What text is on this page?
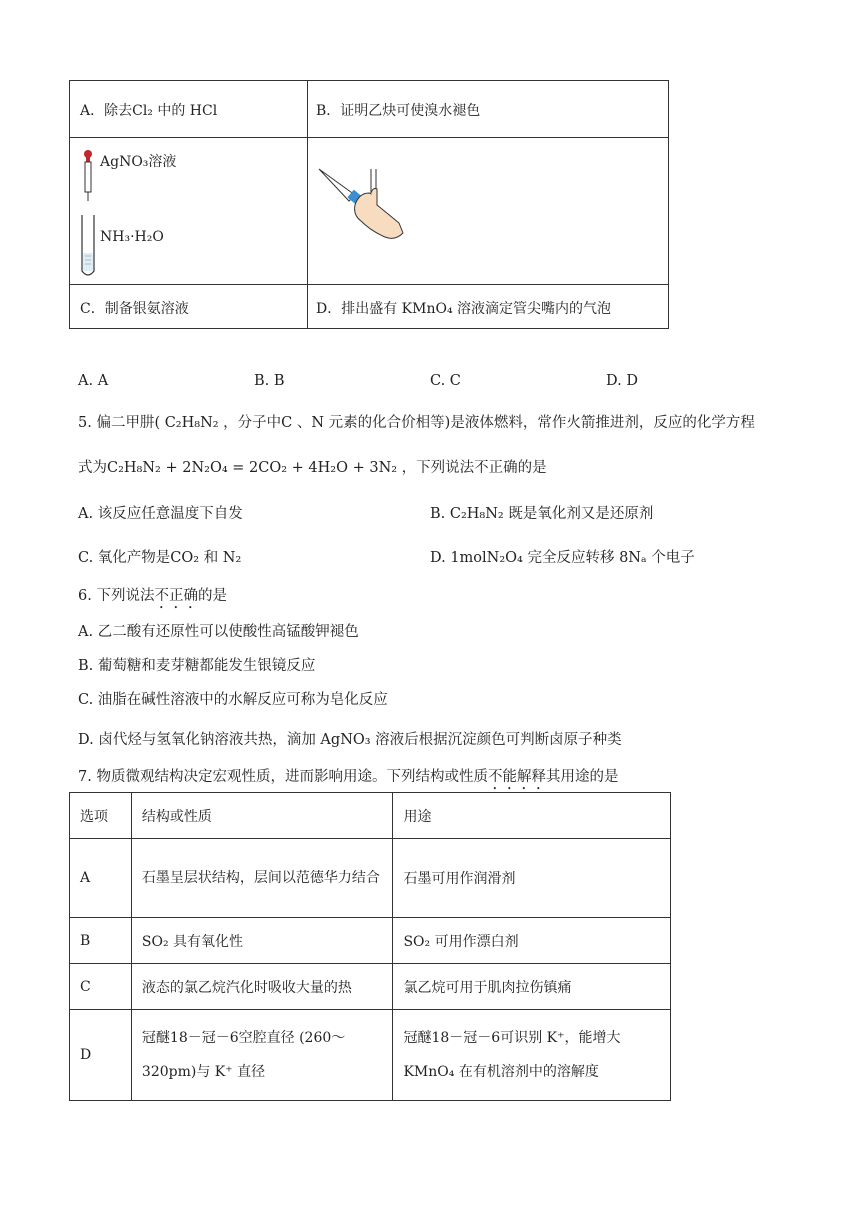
A．除去Cl₂ 中的 HCl	B．证明乙炔可使溴水褪色
AgNO₃溶液
NH₃·H₂O
C．制备银氨溶液	D．排出盛有 KMnO₄ 溶液滴定管尖嘴内的气泡
A. A	B. B	C. C	D. D
5. 偏二甲肼( C₂H₈N₂ ，分子中C 、N 元素的化合价相等)是液体燃料，常作火箭推进剂，反应的化学方程
式为C₂H₈N₂ + 2N₂O₄ = 2CO₂ + 4H₂O + 3N₂ ，下列说法不正确的是
A. 该反应任意温度下自发	B. C₂H₈N₂ 既是氧化剂又是还原剂
C. 氧化产物是CO₂ 和 N₂	D. 1molN₂O₄ 完全反应转移 8Nₐ 个电子
6. 下列说法不正确的是
A. 乙二酸有还原性可以使酸性高锰酸钾褪色
B. 葡萄糖和麦芽糖都能发生银镜反应
C. 油脂在碱性溶液中的水解反应可称为皂化反应
D. 卤代烃与氢氧化钠溶液共热，滴加 AgNO₃ 溶液后根据沉淀颜色可判断卤原子种类
7. 物质微观结构决定宏观性质，进而影响用途。下列结构或性质不能解释其用途的是
选项	结构或性质	用途
A	石墨呈层状结构，层间以范德华力结合	石墨可用作润滑剂
B	SO₂ 具有氧化性	SO₂ 可用作漂白剂
C	液态的氯乙烷汽化时吸收大量的热	氯乙烷可用于肌肉拉伤镇痛
D	冠醚18－冠－6空腔直径 (260～320pm)与 K⁺ 直径	冠醚18－冠－6可识别 K⁺，能增大 KMnO₄ 在有机溶剂中的溶解度
